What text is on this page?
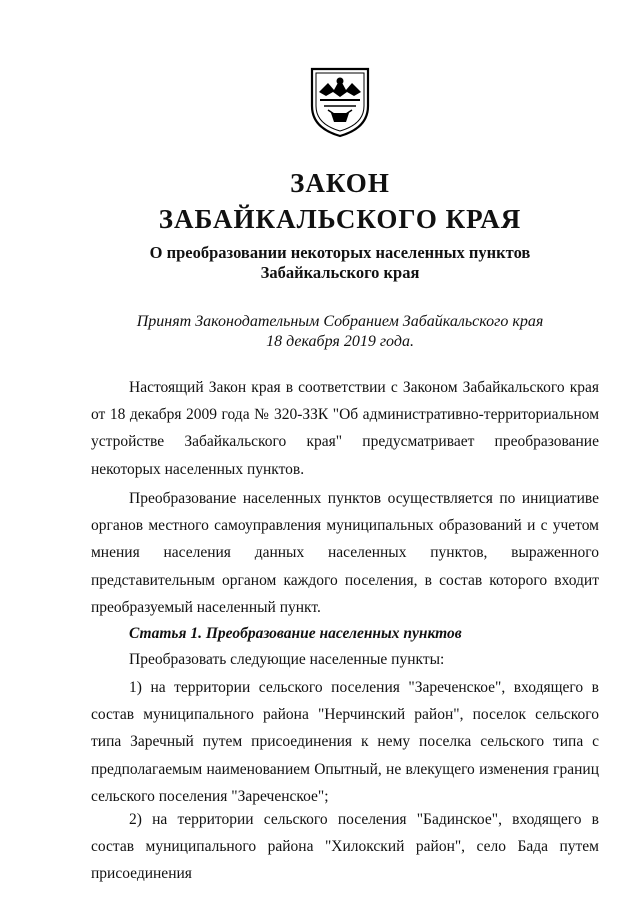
ЗАКОН
ЗАБАЙКАЛЬСКОГО КРАЯ
О преобразовании некоторых населенных пунктов
Забайкальского края
Принят Законодательным Собранием Забайкальского края
18 декабря 2019 года.

Настоящий Закон края в соответствии с Законом Забайкальского края от 18 декабря 2009 года № 320-ЗЗК "Об административно-территориальном устройстве Забайкальского края" предусматривает преобразование некоторых населенных пунктов.

Преобразование населенных пунктов осуществляется по инициативе органов местного самоуправления муниципальных образований и с учетом мнения населения данных населенных пунктов, выраженного представительным органом каждого поселения, в состав которого входит преобразуемый населенный пункт.

Статья 1. Преобразование населенных пунктов
Преобразовать следующие населенные пункты:

1) на территории сельского поселения "Зареченское", входящего в состав муниципального района "Нерчинский район", поселок сельского типа Заречный путем присоединения к нему поселка сельского типа с предполагаемым наименованием Опытный, не влекущего изменения границ сельского поселения "Зареченское";

2) на территории сельского поселения "Бадинское", входящего в состав муниципального района "Хилокский район", село Бада путем присоединения
